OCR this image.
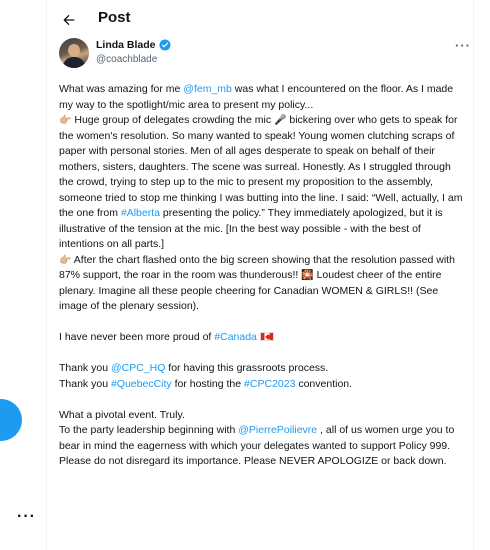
···
Post
Linda Blade
@coachblade
···

What was amazing for me @fem_mb was what I encountered on the floor. As I made my way to the spotlight/mic area to present my policy...
👉🏼 Huge group of delegates crowding the mic 🎤 bickering over who gets to speak for the women's resolution. So many wanted to speak! Young women clutching scraps of paper with personal stories. Men of all ages desperate to speak on behalf of their mothers, sisters, daughters. The scene was surreal. Honestly. As I struggled through the crowd, trying to step up to the mic to present my proposition to the assembly, someone tried to stop me thinking I was butting into the line. I said: “Well, actually, I am the one from #Alberta presenting the policy.” They immediately apologized, but it is illustrative of the tension at the mic. [In the best way possible - with the best of intentions on all parts.]
👉🏼 After the chart flashed onto the big screen showing that the resolution passed with 87% support, the roar in the room was thunderous!! 🎇 Loudest cheer of the entire plenary. Imagine all these people cheering for Canadian WOMEN & GIRLS!! (See image of the plenary session).

I have never been more proud of #Canada

Thank you @CPC_HQ for having this grassroots process.
Thank you #QuebecCity for hosting the #CPC2023 convention.

What a pivotal event. Truly.
To the party leadership beginning with @PierrePoilievre , all of us women urge you to bear in mind the eagerness with which your delegates wanted to support Policy 999. Please do not disregard its importance. Please NEVER APOLOGIZE or back down.
